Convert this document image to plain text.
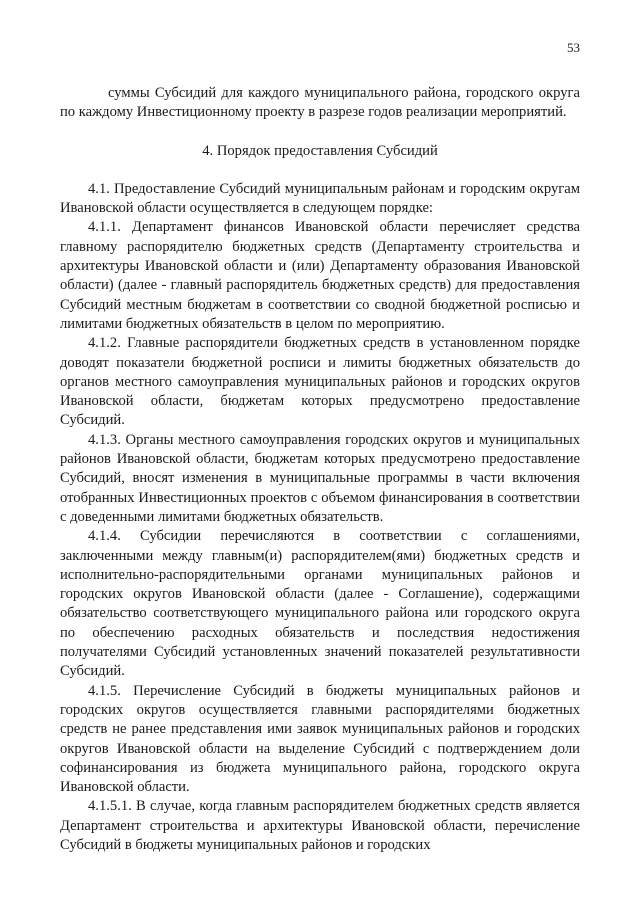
53

суммы Субсидий для каждого муниципального района, городского округа по каждому Инвестиционному проекту в разрезе годов реализации мероприятий.

4. Порядок предоставления Субсидий

4.1. Предоставление Субсидий муниципальным районам и городским округам Ивановской области осуществляется в следующем порядке:

4.1.1. Департамент финансов Ивановской области перечисляет средства главному распорядителю бюджетных средств (Департаменту строительства и архитектуры Ивановской области и (или) Департаменту образования Ивановской области) (далее - главный распорядитель бюджетных средств) для предоставления Субсидий местным бюджетам в соответствии со сводной бюджетной росписью и лимитами бюджетных обязательств в целом по мероприятию.

4.1.2. Главные распорядители бюджетных средств в установленном порядке доводят показатели бюджетной росписи и лимиты бюджетных обязательств до органов местного самоуправления муниципальных районов и городских округов Ивановской области, бюджетам которых предусмотрено предоставление Субсидий.

4.1.3. Органы местного самоуправления городских округов и муниципальных районов Ивановской области, бюджетам которых предусмотрено предоставление Субсидий, вносят изменения в муниципальные программы в части включения отобранных Инвестиционных проектов с объемом финансирования в соответствии с доведенными лимитами бюджетных обязательств.

4.1.4. Субсидии перечисляются в соответствии с соглашениями, заключенными между главным(и) распорядителем(ями) бюджетных средств и исполнительно-распорядительными органами муниципальных районов и городских округов Ивановской области (далее - Соглашение), содержащими обязательство соответствующего муниципального района или городского округа по обеспечению расходных обязательств и последствия недостижения получателями Субсидий установленных значений показателей результативности Субсидий.

4.1.5. Перечисление Субсидий в бюджеты муниципальных районов и городских округов осуществляется главными распорядителями бюджетных средств не ранее представления ими заявок муниципальных районов и городских округов Ивановской области на выделение Субсидий с подтверждением доли софинансирования из бюджета муниципального района, городского округа Ивановской области.

4.1.5.1. В случае, когда главным распорядителем бюджетных средств является Департамент строительства и архитектуры Ивановской области, перечисление Субсидий в бюджеты муниципальных районов и городских
